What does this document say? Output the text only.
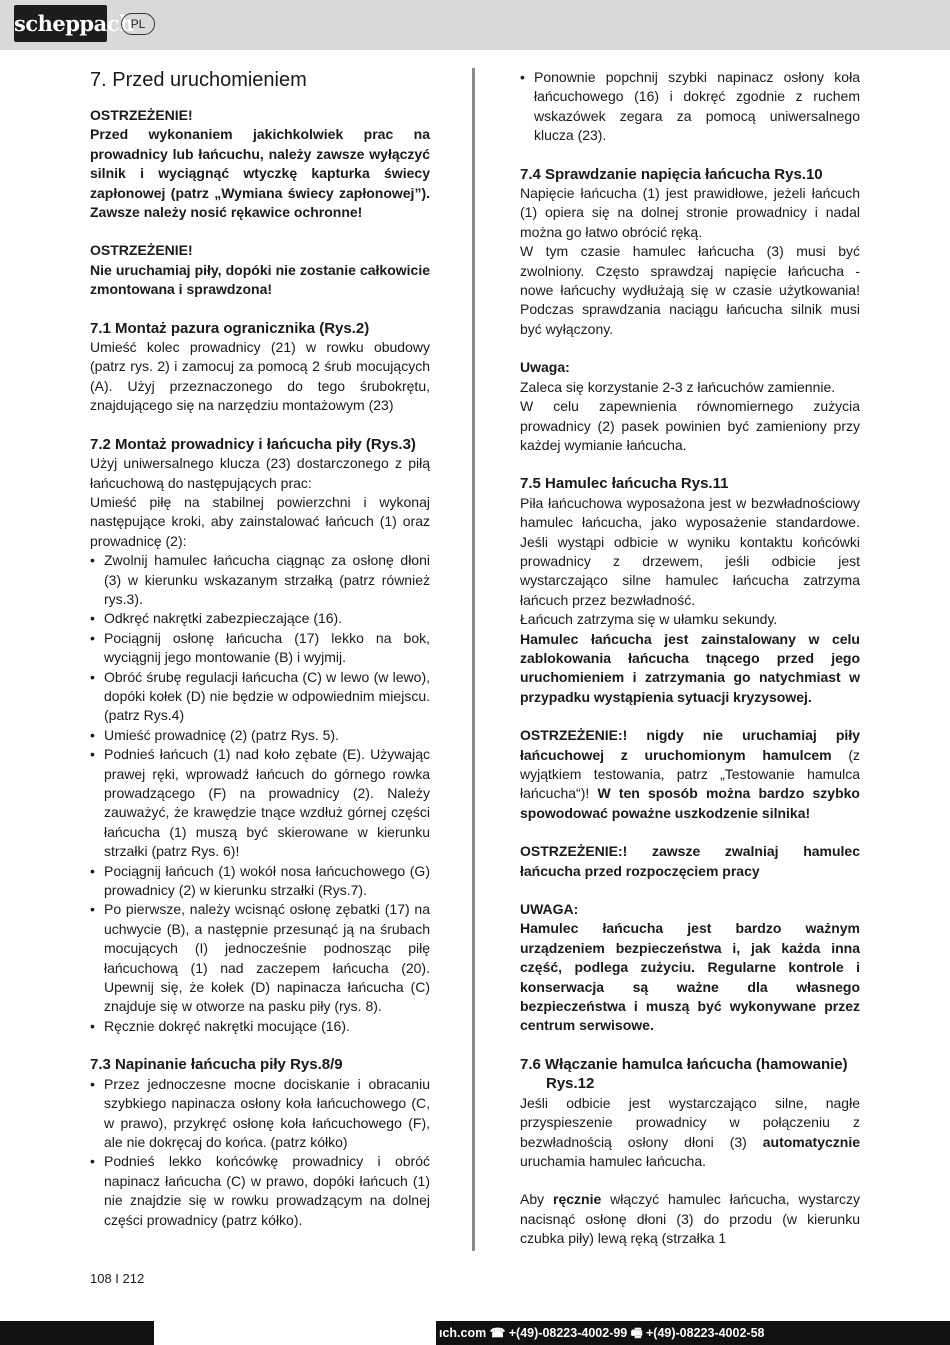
scheppach
PL
7. Przed uruchomieniem

OSTRZEŻENIE!

Przed wykonaniem jakichkolwiek prac na prowadnicy lub łańcuchu, należy zawsze wyłączyć silnik i wyciągnąć wtyczkę kapturka świecy zapłonowej (patrz „Wymiana świecy zapłonowej”). Zawsze należy nosić rękawice ochronne!

OSTRZEŻENIE!

Nie uruchamiaj piły, dopóki nie zostanie całkowicie zmontowana i sprawdzona!

7.1 Montaż pazura ogranicznika (Rys.2)

Umieść kolec prowadnicy (21) w rowku obudowy (patrz rys. 2) i zamocuj za pomocą 2 śrub mocujących (A). Użyj przeznaczonego do tego śrubokrętu, znajdującego się na narzędziu montażowym (23)

7.2 Montaż prowadnicy i łańcucha piły (Rys.3)

Użyj uniwersalnego klucza (23) dostarczonego z piłą łańcuchową do następujących prac:

Umieść piłę na stabilnej powierzchni i wykonaj następujące kroki, aby zainstalować łańcuch (1) oraz prowadnicę (2):

• Zwolnij hamulec łańcucha ciągnąc za osłonę dłoni (3) w kierunku wskazanym strzałką (patrz również rys.3).
• Odkręć nakrętki zabezpieczające (16).
• Pociągnij osłonę łańcucha (17) lekko na bok, wyciągnij jego montowanie (B) i wyjmij.
• Obróć śrubę regulacji łańcucha (C) w lewo (w lewo), dopóki kołek (D) nie będzie w odpowiednim miejscu. (patrz Rys.4)
• Umieść prowadnicę (2) (patrz Rys. 5).
• Podnieś łańcuch (1) nad koło zębate (E). Używając prawej ręki, wprowadź łańcuch do górnego rowka prowadzącego (F) na prowadnicy (2). Należy zauważyć, że krawędzie tnące wzdłuż górnej części łańcucha (1) muszą być skierowane w kierunku strzałki (patrz Rys. 6)!
• Pociągnij łańcuch (1) wokół nosa łańcuchowego (G) prowadnicy (2) w kierunku strzałki (Rys.7).
• Po pierwsze, należy wcisnąć osłonę zębatki (17) na uchwycie (B), a następnie przesunąć ją na śrubach mocujących (I) jednocześnie podnosząc piłę łańcuchową (1) nad zaczepem łańcucha (20). Upewnij się, że kołek (D) napinacza łańcucha (C) znajduje się w otworze na pasku piły (rys. 8).
• Ręcznie dokręć nakrętki mocujące (16).
7.3 Napinanie łańcucha piły Rys.8/9
• Przez jednoczesne mocne dociskanie i obracaniu szybkiego napinacza osłony koła łańcuchowego (C, w prawo), przykręć osłonę koła łańcuchowego (F), ale nie dokręcaj do końca. (patrz kółko)
• Podnieś lekko końcówkę prowadnicy i obróć napinacz łańcucha (C) w prawo, dopóki łańcuch (1) nie znajdzie się w rowku prowadzącym na dolnej części prowadnicy (patrz kółko).
• Ponownie popchnij szybki napinacz osłony koła łańcuchowego (16) i dokręć zgodnie z ruchem wskazówek zegara za pomocą uniwersalnego klucza (23).
7.4 Sprawdzanie napięcia łańcucha Rys.10

Napięcie łańcucha (1) jest prawidłowe, jeżeli łańcuch (1) opiera się na dolnej stronie prowadnicy i nadal można go łatwo obrócić ręką.

W tym czasie hamulec łańcucha (3) musi być zwolniony. Często sprawdzaj napięcie łańcucha - nowe łańcuchy wydłużają się w czasie użytkowania! Podczas sprawdzania naciągu łańcucha silnik musi być wyłączony.

Uwaga:

Zaleca się korzystanie 2-3 z łańcuchów zamiennie.

W celu zapewnienia równomiernego zużycia prowadnicy (2) pasek powinien być zamieniony przy każdej wymianie łańcucha.

7.5 Hamulec łańcucha Rys.11

Piła łańcuchowa wyposażona jest w bezwładnościowy hamulec łańcucha, jako wyposażenie standardowe. Jeśli wystąpi odbicie w wyniku kontaktu końcówki prowadnicy z drzewem, jeśli odbicie jest wystarczająco silne hamulec łańcucha zatrzyma łańcuch przez bezwładność.

Łańcuch zatrzyma się w ułamku sekundy.

Hamulec łańcucha jest zainstalowany w celu zablokowania łańcucha tnącego przed jego uruchomieniem i zatrzymania go natychmiast w przypadku wystąpienia sytuacji kryzysowej.

OSTRZEŻENIE:! nigdy nie uruchamiaj piły łańcuchowej z uruchomionym hamulcem (z wyjątkiem testowania, patrz „Testowanie hamulca łańcucha“)! W ten sposób można bardzo szybko spowodować poważne uszkodzenie silnika!

OSTRZEŻENIE:! zawsze zwalniaj hamulec łańcucha przed rozpoczęciem pracy

UWAGA:

Hamulec łańcucha jest bardzo ważnym urządzeniem bezpieczeństwa i, jak każda inna część, podlega zużyciu. Regularne kontrole i konserwacja są ważne dla własnego bezpieczeństwa i muszą być wykonywane przez centrum serwisowe.

7.6 Włączanie hamulca łańcucha (hamowanie) Rys.12

Jeśli odbicie jest wystarczająco silne, nagłe przyspieszenie prowadnicy w połączeniu z bezwładnością osłony dłoni (3) automatycznie uruchamia hamulec łańcucha.

Aby ręcznie włączyć hamulec łańcucha, wystarczy nacisnąć osłonę dłoni (3) do przodu (w kierunku czubka piły) lewą ręką (strzałka 1

108 I 212
ıch.com ☎ +(49)-08223-4002-99 🖷 +(49)-08223-4002-58
